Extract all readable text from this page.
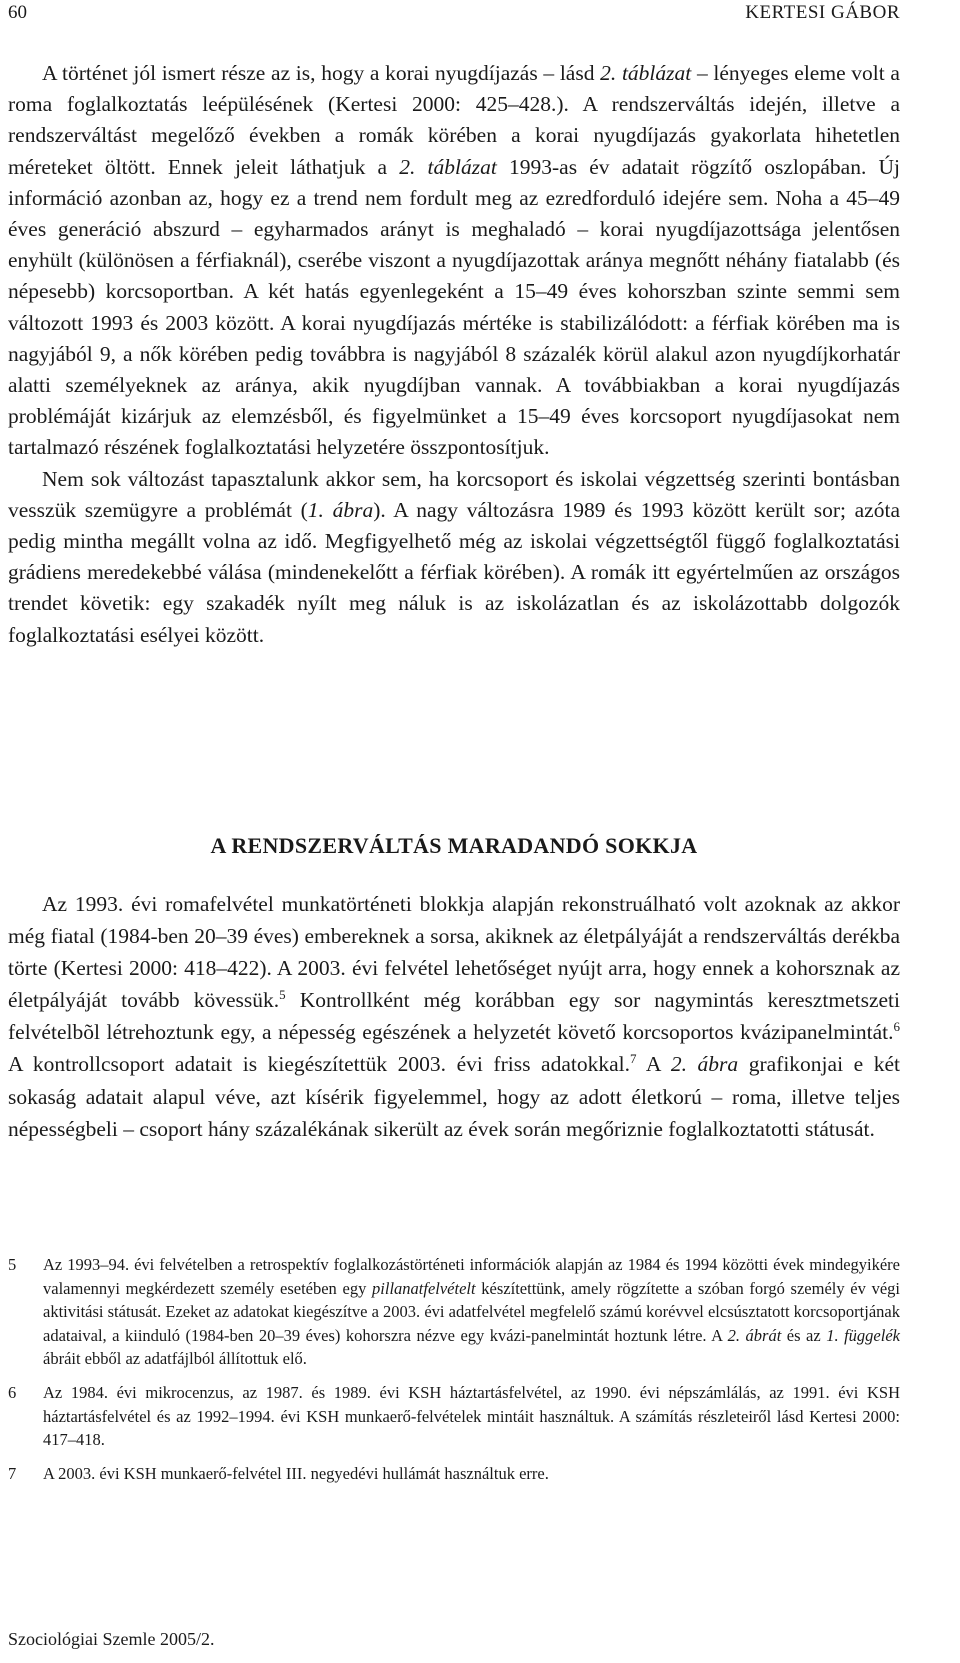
60	KERTESI GÁBOR

A történet jól ismert része az is, hogy a korai nyugdíjazás – lásd 2. táblázat – lényeges eleme volt a roma foglalkoztatás leépülésének (Kertesi 2000: 425–428.). A rendszerváltás idején, illetve a rendszerváltást megelőző években a romák körében a korai nyugdíjazás gyakorlata hihetetlen méreteket öltött. Ennek jeleit láthatjuk a 2. táblázat 1993-as év adatait rögzítő oszlopában. Új információ azonban az, hogy ez a trend nem fordult meg az ezredforduló idejére sem. Noha a 45–49 éves generáció abszurd – egyharmados arányt is meghaladó – korai nyugdíjazottsága jelentősen enyhült (különösen a férfiaknál), cserébe viszont a nyugdíjazottak aránya megnőtt néhány fiatalabb (és népesebb) korcsoportban. A két hatás egyenlegeként a 15–49 éves kohorszban szinte semmi sem változott 1993 és 2003 között. A korai nyugdíjazás mértéke is stabilizálódott: a férfiak körében ma is nagyjából 9, a nők körében pedig továbbra is nagyjából 8 százalék körül alakul azon nyugdíjkorhatár alatti személyeknek az aránya, akik nyugdíjban vannak. A továbbiakban a korai nyugdíjazás problémáját kizárjuk az elemzésből, és figyelmünket a 15–49 éves korcsoport nyugdíjasokat nem tartalmazó részének foglalkoztatási helyzetére összpontosítjuk.

Nem sok változást tapasztalunk akkor sem, ha korcsoport és iskolai végzettség szerinti bontásban vesszük szemügyre a problémát (1. ábra). A nagy változásra 1989 és 1993 között került sor; azóta pedig mintha megállt volna az idő. Megfigyelhető még az iskolai végzettségtől függő foglalkoztatási grádiens meredekebbé válása (mindenekelőtt a férfiak körében). A romák itt egyértelműen az országos trendet követik: egy szakadék nyílt meg náluk is az iskolázatlan és az iskolázottabb dolgozók foglalkoztatási esélyei között.

A RENDSZERVÁLTÁS MARADANDÓ SOKKJA

Az 1993. évi romafelvétel munkatörténeti blokkja alapján rekonstruálható volt azoknak az akkor még fiatal (1984-ben 20–39 éves) embereknek a sorsa, akiknek az életpályáját a rendszerváltás derékba törte (Kertesi 2000: 418–422). A 2003. évi felvétel lehetőséget nyújt arra, hogy ennek a kohorsznak az életpályáját tovább kövessük.$^5$ Kontrollként még korábban egy sor nagymintás keresztmetszeti felvételbõl létrehoztunk egy, a népesség egészének a helyzetét követő korcsoportos kvázipanelmintát.$^6$ A kontrollcsoport adatait is kiegészítettük 2003. évi friss adatokkal.$^7$ A 2. ábra grafikonjai e két sokaság adatait alapul véve, azt kísérik figyelemmel, hogy az adott életkorú – roma, illetve teljes népességbeli – csoport hány százalékának sikerült az évek során megőriznie foglalkoztatotti státusát.

5 Az 1993–94. évi felvételben a retrospektív foglalkozástörténeti információk alapján az 1984 és 1994 közötti évek mindegyikére valamennyi megkérdezett személy esetében egy pillanatfelvételt készítettünk, amely rögzítette a szóban forgó személy év végi aktivitási státusát. Ezeket az adatokat kiegészítve a 2003. évi adatfelvétel megfelelő számú korévvel elcsúsztatott korcsoportjának adataival, a kiinduló (1984-ben 20–39 éves) kohorszra nézve egy kvázi-panelmintát hoztunk létre. A 2. ábrát és az 1. függelék ábráit ebből az adatfájlból állítottuk elő.
6 Az 1984. évi mikrocenzus, az 1987. és 1989. évi KSH háztartásfelvétel, az 1990. évi népszámlálás, az 1991. évi KSH háztartásfelvétel és az 1992–1994. évi KSH munkaerő-felvételek mintáit használtuk. A számítás részleteiről lásd Kertesi 2000: 417–418.
7 A 2003. évi KSH munkaerő-felvétel III. negyedévi hullámát használtuk erre.
Szociológiai Szemle 2005/2.
